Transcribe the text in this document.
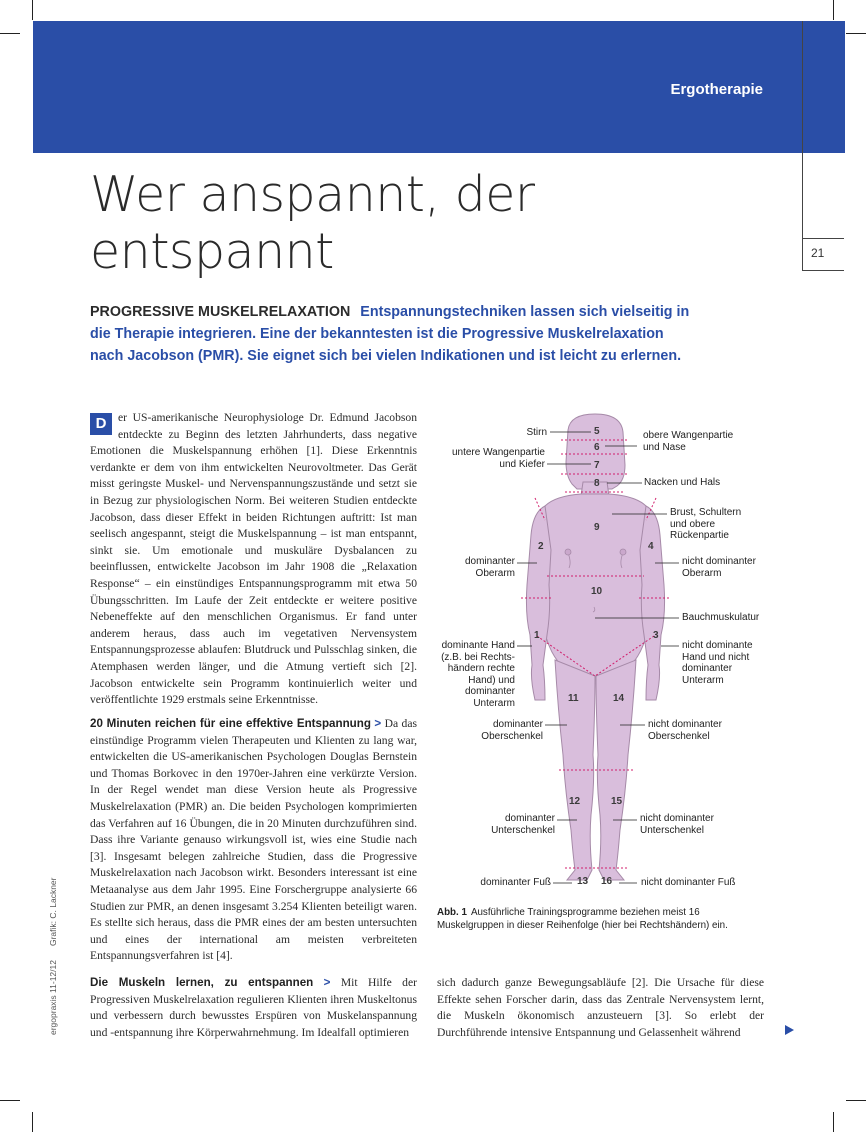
Ergotherapie
21
Wer anspannt, der
entspannt

PROGRESSIVE MUSKELRELAXATION Entspannungstechniken lassen sich vielseitig in die Therapie integrieren. Eine der bekanntesten ist die Progressive Muskelrelaxation nach Jacobson (PMR). Sie eignet sich bei vielen Indikationen und ist leicht zu erlernen.

D er US-amerikanische Neurophysiologe Dr. Edmund Jacobson entdeckte zu Beginn des letzten Jahrhunderts, dass negative Emotionen die Muskelspannung erhöhen [1]. Diese Erkenntnis verdankte er dem von ihm entwickelten Neurovoltmeter. Das Gerät misst geringste Muskel- und Nervenspannungszustände und setzt sie in Bezug zur physiologischen Norm. Bei weiteren Studien entdeckte Jacobson, dass dieser Effekt in beiden Richtungen auftritt: Ist man seelisch angespannt, steigt die Muskelspannung – ist man entspannt, sinkt sie. Um emotionale und muskuläre Dysbalancen zu beeinflussen, entwickelte Jacobson im Jahr 1908 die „Relaxation Response“ – ein einstündiges Entspannungsprogramm mit etwa 50 Übungsschritten. Im Laufe der Zeit entdeckte er weitere positive Nebeneffekte auf den menschlichen Organismus. Er fand unter anderem heraus, dass auch im vegetativen Nervensystem Entspannungsprozesse ablaufen: Blutdruck und Pulsschlag sinken, die Atemphasen werden länger, und die Atmung vertieft sich [2]. Jacobson entwickelte sein Programm kontinuierlich weiter und veröffentlichte 1929 erstmals seine Erkenntnisse.

20 Minuten reichen für eine effektive Entspannung > Da das einstündige Programm vielen Therapeuten und Klienten zu lang war, entwickelten die US-amerikanischen Psychologen Douglas Bernstein und Thomas Borkovec in den 1970er-Jahren eine verkürzte Version. In der Regel wendet man diese Version heute als Progressive Muskelrelaxation (PMR) an. Die beiden Psychologen komprimierten das Verfahren auf 16 Übungen, die in 20 Minuten durchzuführen sind. Dass ihre Variante genauso wirkungsvoll ist, wies eine Studie nach [3]. Insgesamt belegen zahlreiche Studien, dass die Progressive Muskelrelaxation nach Jacobson wirkt. Besonders interessant ist eine Metaanalyse aus dem Jahr 1995. Eine Forschergruppe analysierte 66 Studien zur PMR, an denen insgesamt 3.254 Klienten beteiligt waren. Es stellte sich heraus, dass die PMR eines der am besten untersuchten und eines der international am meisten verbreiteten Entspannungsverfahren ist [4].

Die Muskeln lernen, zu entspannen > Mit Hilfe der Progressiven Muskelrelaxation regulieren Klienten ihren Muskeltonus und verbessern durch bewusstes Erspüren von Muskelanspannung und -entspannung ihre Körperwahrnehmung. Im Idealfall optimieren

sich dadurch ganze Bewegungsabläufe [2]. Die Ursache für diese Effekte sehen Forscher darin, dass das Zentrale Nervensystem lernt, die Muskeln ökonomisch anzusteuern [3]. So erlebt der Durchführende intensive Entspannung und Gelassenheit während

ergopraxis 11-12/12Grafik: C. Lackner
5
6
7
8
9
2	4
10
1	3
11	14
12	15
13 16
Stirn	obere Wangenpartie und Nase
untere Wangenpartie und Kiefer
Nacken und Hals
Brust, Schultern und obere Rückenpartie
dominanter Oberarm
nicht dominanter Oberarm
Bauchmuskulatur
dominante Hand (z.B. bei Rechts-händern rechte Hand) und dominanter Unterarm
nicht dominante Hand und nicht dominanter Unterarm
dominanter Oberschenkel
nicht dominanter Oberschenkel
dominanter Unterschenkel
nicht dominanter Unterschenkel
dominanter Fuß	nicht dominanter Fuß
Abb. 1 Ausführliche Trainingsprogramme beziehen meist 16 Muskelgruppen in dieser Reihenfolge (hier bei Rechtshändern) ein.
